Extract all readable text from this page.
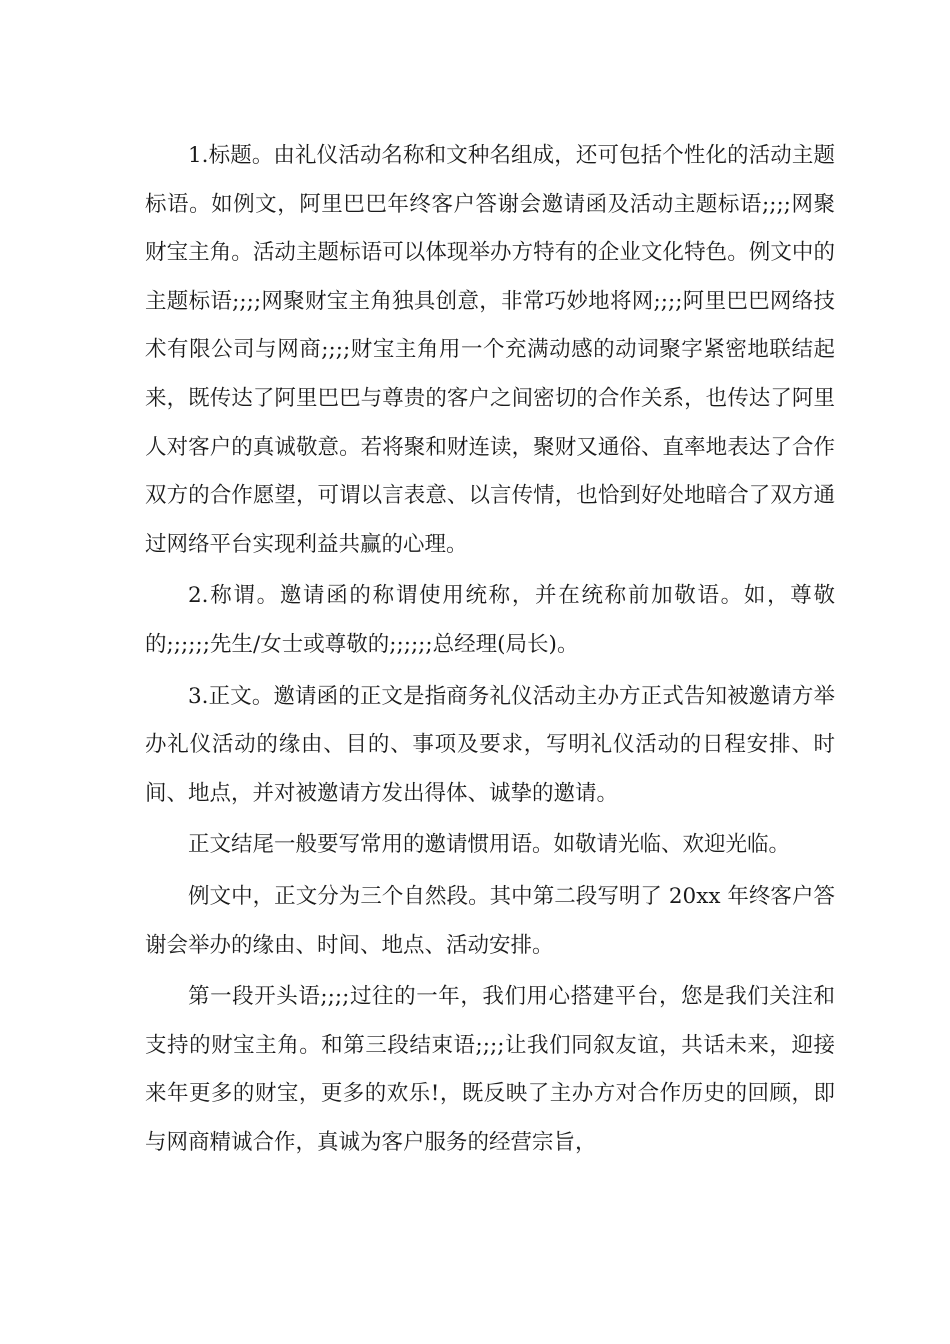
1.标题。由礼仪活动名称和文种名组成，还可包括个性化的活动主题标语。如例文，阿里巴巴年终客户答谢会邀请函及活动主题标语;;;;网聚财宝主角。活动主题标语可以体现举办方特有的企业文化特色。例文中的主题标语;;;;网聚财宝主角独具创意，非常巧妙地将网;;;;阿里巴巴网络技术有限公司与网商;;;;财宝主角用一个充满动感的动词聚字紧密地联结起来，既传达了阿里巴巴与尊贵的客户之间密切的合作关系，也传达了阿里人对客户的真诚敬意。若将聚和财连读，聚财又通俗、直率地表达了合作双方的合作愿望，可谓以言表意、以言传情，也恰到好处地暗合了双方通过网络平台实现利益共赢的心理。

2.称谓。邀请函的称谓使用统称，并在统称前加敬语。如，尊敬的;;;;;;先生/女士或尊敬的;;;;;;总经理(局长)。

3.正文。邀请函的正文是指商务礼仪活动主办方正式告知被邀请方举办礼仪活动的缘由、目的、事项及要求，写明礼仪活动的日程安排、时间、地点，并对被邀请方发出得体、诚挚的邀请。

正文结尾一般要写常用的邀请惯用语。如敬请光临、欢迎光临。

例文中，正文分为三个自然段。其中第二段写明了 20xx 年终客户答谢会举办的缘由、时间、地点、活动安排。

第一段开头语;;;;过往的一年，我们用心搭建平台，您是我们关注和支持的财宝主角。和第三段结束语;;;;让我们同叙友谊，共话未来，迎接来年更多的财宝，更多的欢乐!，既反映了主办方对合作历史的回顾，即与网商精诚合作，真诚为客户服务的经营宗旨，
